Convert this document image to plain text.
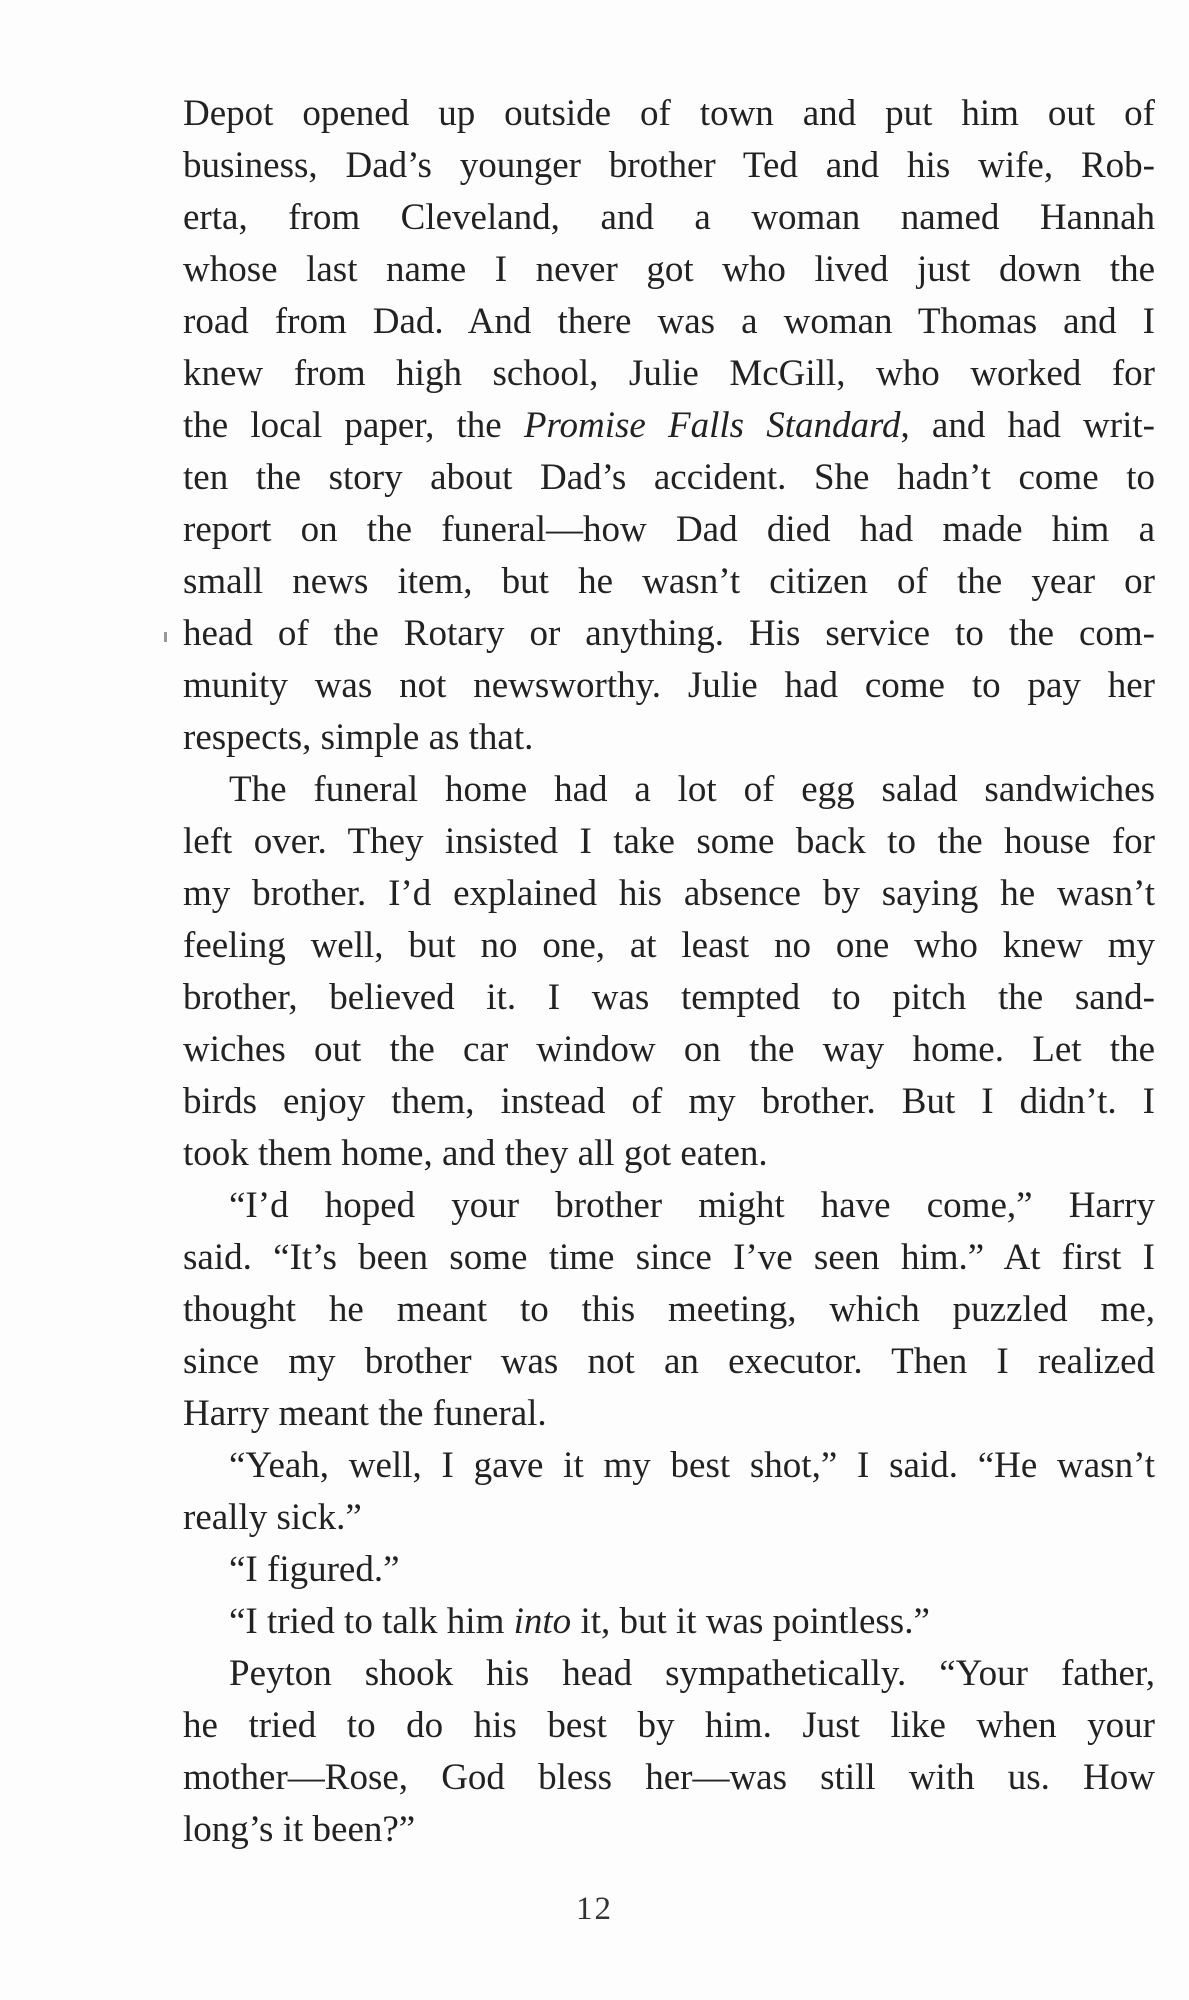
Depot opened up outside of town and put him out of
business, Dad’s younger brother Ted and his wife, Rob-
erta, from Cleveland, and a woman named Hannah
whose last name I never got who lived just down the
road from Dad. And there was a woman Thomas and I
knew from high school, Julie McGill, who worked for
the local paper, the Promise Falls Standard, and had writ-
ten the story about Dad’s accident. She hadn’t come to
report on the funeral—how Dad died had made him a
small news item, but he wasn’t citizen of the year or
head of the Rotary or anything. His service to the com-
munity was not newsworthy. Julie had come to pay her
respects, simple as that.
The funeral home had a lot of egg salad sandwiches
left over. They insisted I take some back to the house for
my brother. I’d explained his absence by saying he wasn’t
feeling well, but no one, at least no one who knew my
brother, believed it. I was tempted to pitch the sand-
wiches out the car window on the way home. Let the
birds enjoy them, instead of my brother. But I didn’t. I
took them home, and they all got eaten.
“I’d hoped your brother might have come,” Harry
said. “It’s been some time since I’ve seen him.” At first I
thought he meant to this meeting, which puzzled me,
since my brother was not an executor. Then I realized
Harry meant the funeral.
“Yeah, well, I gave it my best shot,” I said. “He wasn’t
really sick.”
“I figured.”
“I tried to talk him into it, but it was pointless.”
Peyton shook his head sympathetically. “Your father,
he tried to do his best by him. Just like when your
mother—Rose, God bless her—was still with us. How
long’s it been?”
12
